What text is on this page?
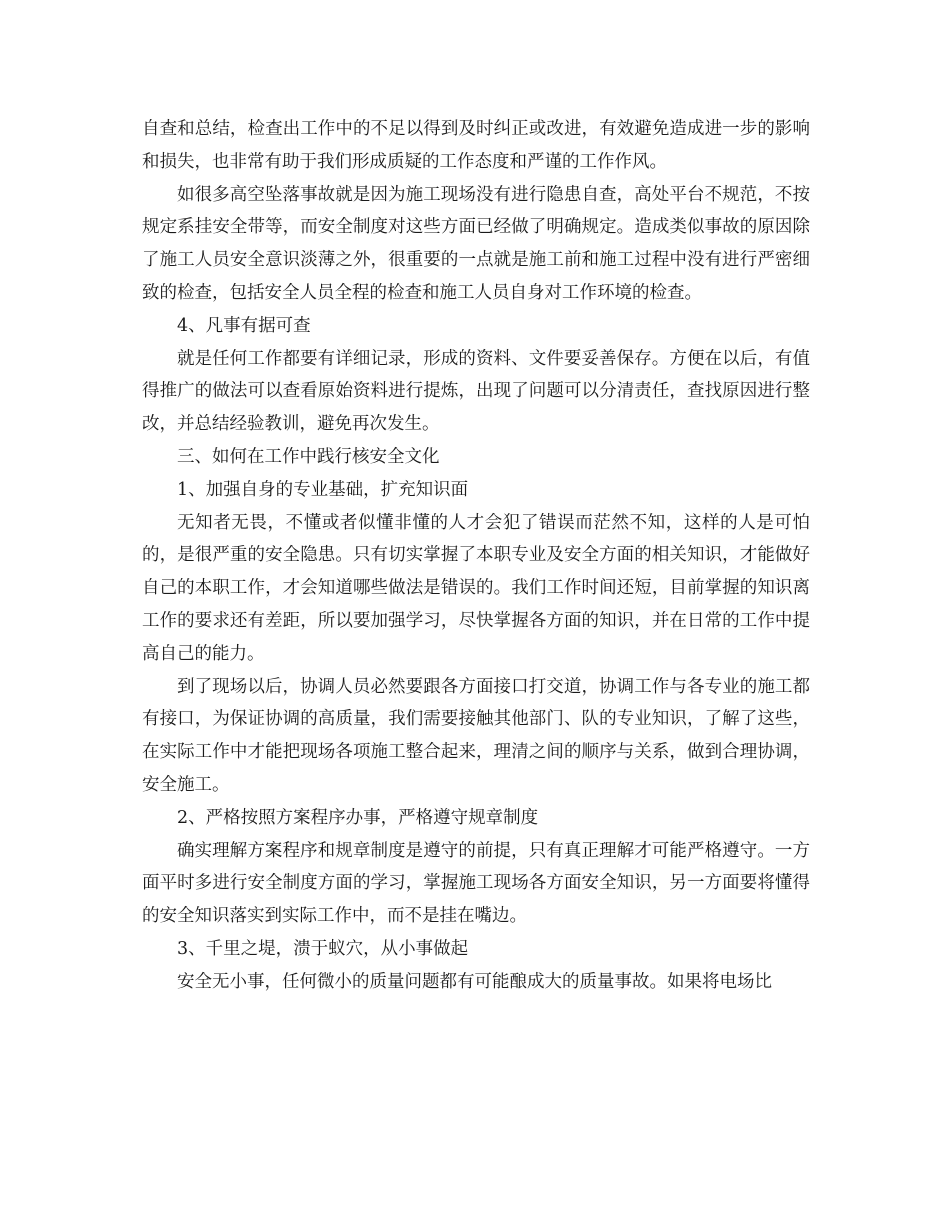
自查和总结，检查出工作中的不足以得到及时纠正或改进，有效避免造成进一步的影响和损失，也非常有助于我们形成质疑的工作态度和严谨的工作作风。

如很多高空坠落事故就是因为施工现场没有进行隐患自查，高处平台不规范，不按规定系挂安全带等，而安全制度对这些方面已经做了明确规定。造成类似事故的原因除了施工人员安全意识淡薄之外，很重要的一点就是施工前和施工过程中没有进行严密细致的检查，包括安全人员全程的检查和施工人员自身对工作环境的检查。

4、凡事有据可查

就是任何工作都要有详细记录，形成的资料、文件要妥善保存。方便在以后，有值得推广的做法可以查看原始资料进行提炼，出现了问题可以分清责任，查找原因进行整改，并总结经验教训，避免再次发生。

三、如何在工作中践行核安全文化

1、加强自身的专业基础，扩充知识面

无知者无畏，不懂或者似懂非懂的人才会犯了错误而茫然不知，这样的人是可怕的，是很严重的安全隐患。只有切实掌握了本职专业及安全方面的相关知识，才能做好自己的本职工作，才会知道哪些做法是错误的。我们工作时间还短，目前掌握的知识离工作的要求还有差距，所以要加强学习，尽快掌握各方面的知识，并在日常的工作中提高自己的能力。

到了现场以后，协调人员必然要跟各方面接口打交道，协调工作与各专业的施工都有接口，为保证协调的高质量，我们需要接触其他部门、队的专业知识，了解了这些，在实际工作中才能把现场各项施工整合起来，理清之间的顺序与关系，做到合理协调，安全施工。

2、严格按照方案程序办事，严格遵守规章制度

确实理解方案程序和规章制度是遵守的前提，只有真正理解才可能严格遵守。一方面平时多进行安全制度方面的学习，掌握施工现场各方面安全知识，另一方面要将懂得的安全知识落实到实际工作中，而不是挂在嘴边。

3、千里之堤，溃于蚁穴，从小事做起

安全无小事，任何微小的质量问题都有可能酿成大的质量事故。如果将电场比
